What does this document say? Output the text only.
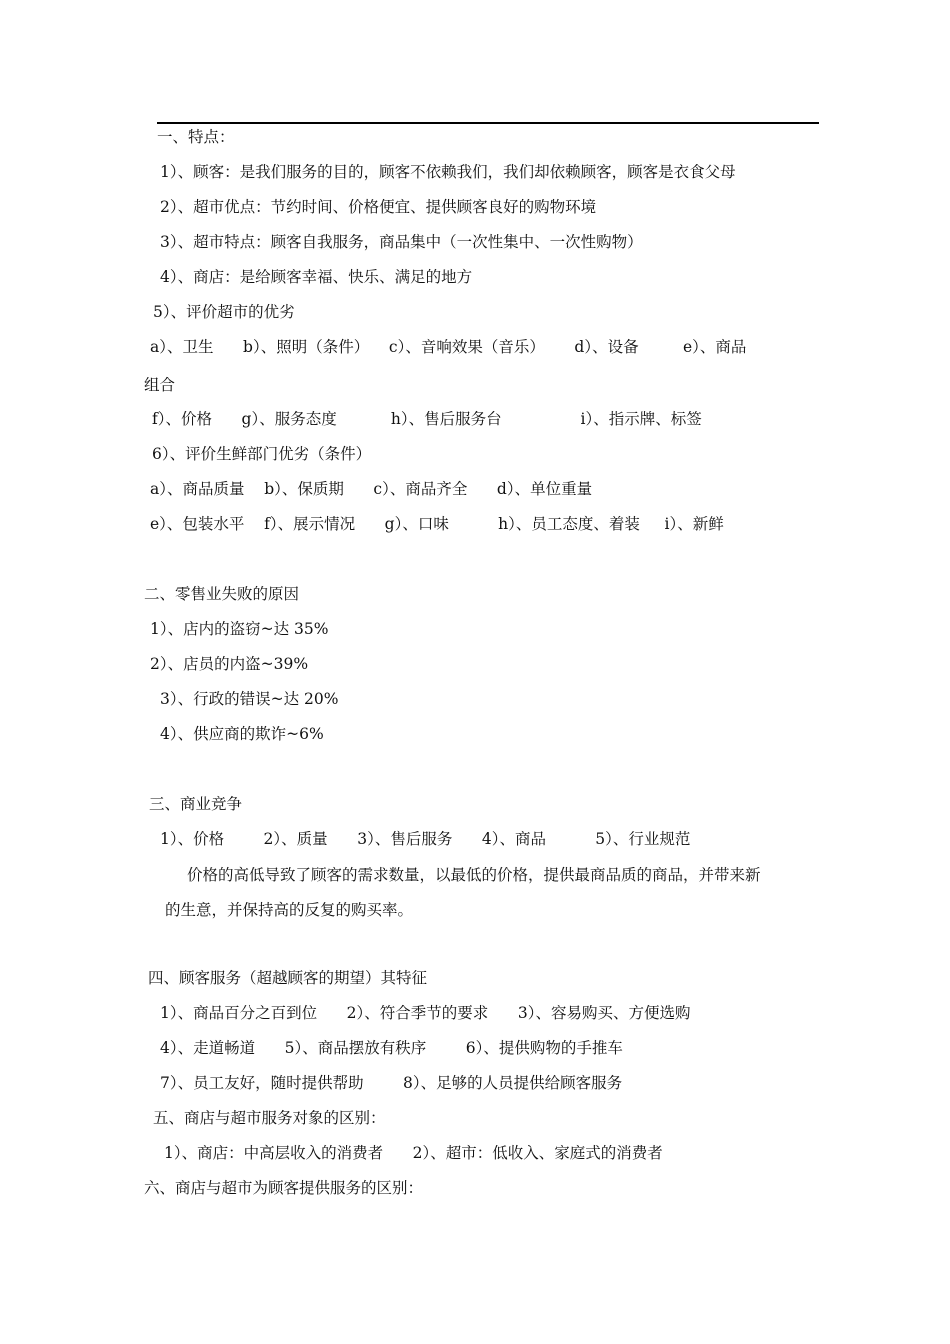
一、特点：
1）、顾客：是我们服务的目的，顾客不依赖我们，我们却依赖顾客，顾客是衣食父母
2）、超市优点：节约时间、价格便宜、提供顾客良好的购物环境
3）、超市特点：顾客自我服务，商品集中（一次性集中、一次性购物）
4）、商店：是给顾客幸福、快乐、满足的地方
5）、评价超市的优劣
a）、卫生      b）、照明（条件）    c）、音响效果（音乐）      d）、设备         e）、商品
组合
f）、价格      g）、服务态度           h）、售后服务台                i）、指示牌、标签
6）、评价生鲜部门优劣（条件）
a）、商品质量    b）、保质期      c）、商品齐全      d）、单位重量
e）、包装水平    f）、展示情况      g）、口味          h）、员工态度、着装     i）、新鲜
二、零售业失败的原因
1）、店内的盗窃~达 35%
2）、店员的内盗~39%
3）、行政的错误~达 20%
4）、供应商的欺诈~6%
三、商业竞争
1）、价格        2）、质量      3）、售后服务      4）、商品          5）、行业规范
价格的高低导致了顾客的需求数量，以最低的价格，提供最商品质的商品，并带来新
的生意，并保持高的反复的购买率。
四、顾客服务（超越顾客的期望）其特征
1）、商品百分之百到位      2）、符合季节的要求      3）、容易购买、方便选购
4）、走道畅道      5）、商品摆放有秩序        6）、提供购物的手推车
7）、员工友好，随时提供帮助        8）、足够的人员提供给顾客服务
五、商店与超市服务对象的区别：
1）、商店：中高层收入的消费者      2）、超市：低收入、家庭式的消费者
六、商店与超市为顾客提供服务的区别：
